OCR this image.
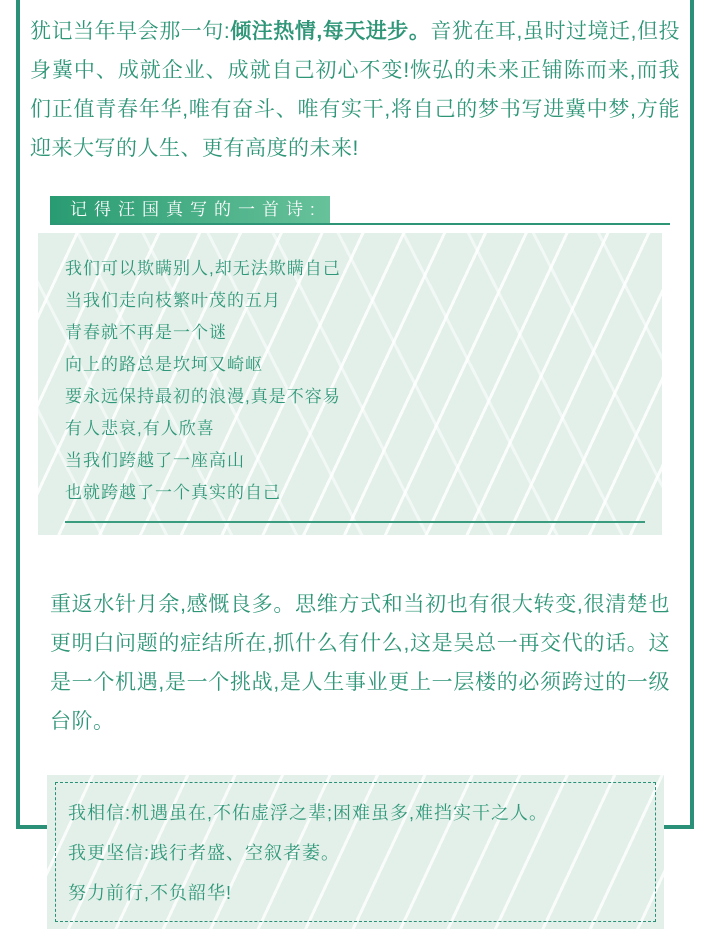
犹记当年早会那一句:倾注热情,每天进步。音犹在耳,虽时过境迁,但投身冀中、成就企业、成就自己初心不变!恢弘的未来正铺陈而来,而我们正值青春年华,唯有奋斗、唯有实干,将自己的梦书写进冀中梦,方能迎来大写的人生、更有高度的未来!

记得汪国真写的一首诗:
我们可以欺瞒别人,却无法欺瞒自己
当我们走向枝繁叶茂的五月
青春就不再是一个谜
向上的路总是坎坷又崎岖
要永远保持最初的浪漫,真是不容易
有人悲哀,有人欣喜
当我们跨越了一座高山
也就跨越了一个真实的自己

重返水针月余,感慨良多。思维方式和当初也有很大转变,很清楚也更明白问题的症结所在,抓什么有什么,这是吴总一再交代的话。这是一个机遇,是一个挑战,是人生事业更上一层楼的必须跨过的一级台阶。

我相信:机遇虽在,不佑虚浮之辈;困难虽多,难挡实干之人。
我更坚信:践行者盛、空叙者萎。
努力前行,不负韶华!
